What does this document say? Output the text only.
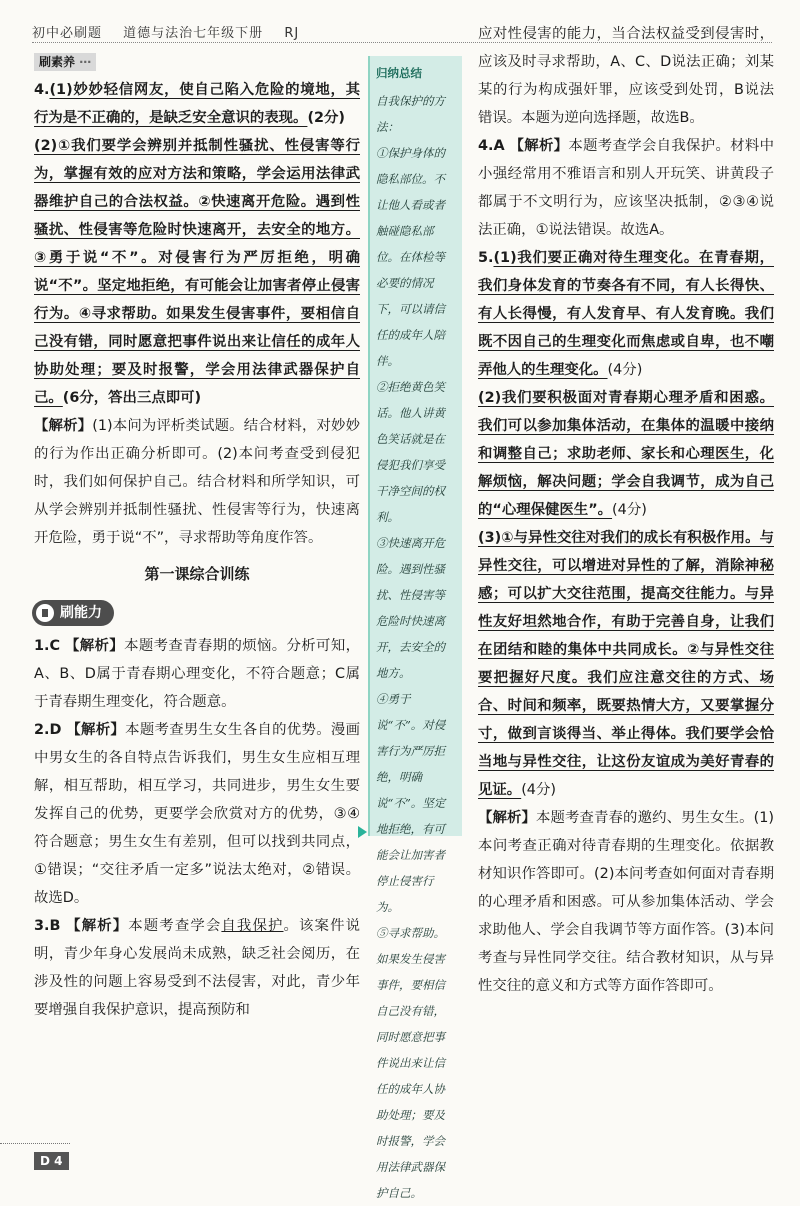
初中必刷题 道德与法治七年级下册 RJ
刷素养 ⋯

4.(1)妙妙轻信网友，使自己陷入危险的境地，其行为是不正确的，是缺乏安全意识的表现。(2分)

(2)①我们要学会辨别并抵制性骚扰、性侵害等行为，掌握有效的应对方法和策略，学会运用法律武器维护自己的合法权益。②快速离开危险。遇到性骚扰、性侵害等危险时快速离开，去安全的地方。③勇于说“不”。对侵害行为严厉拒绝，明确说“不”。坚定地拒绝，有可能会让加害者停止侵害行为。④寻求帮助。如果发生侵害事件，要相信自己没有错，同时愿意把事件说出来让信任的成年人协助处理；要及时报警，学会用法律武器保护自己。(6分，答出三点即可)

【解析】(1)本问为评析类试题。结合材料，对妙妙的行为作出正确分析即可。(2)本问考查受到侵犯时，我们如何保护自己。结合材料和所学知识，可从学会辨别并抵制性骚扰、性侵害等行为，快速离开危险，勇于说“不”，寻求帮助等角度作答。

第一课综合训练
刷能力

1.C 【解析】本题考查青春期的烦恼。分析可知，A、B、D属于青春期心理变化，不符合题意；C属于青春期生理变化，符合题意。

2.D 【解析】本题考查男生女生各自的优势。漫画中男女生的各自特点告诉我们，男生女生应相互理解，相互帮助，相互学习，共同进步，男生女生要发挥自己的优势，更要学会欣赏对方的优势，③④符合题意；男生女生有差别，但可以找到共同点，①错误；“交往矛盾一定多”说法太绝对，②错误。故选D。

3.B 【解析】本题考查学会自我保护。该案件说明，青少年身心发展尚未成熟，缺乏社会阅历，在涉及性的问题上容易受到不法侵害，对此，青少年要增强自我保护意识，提高预防和

归纳总结

自我保护的方法：

①保护身体的隐私部位。不让他人看或者触碰隐私部位。在体检等必要的情况下，可以请信任的成年人陪伴。

②拒绝黄色笑话。他人讲黄色笑话就是在侵犯我们享受干净空间的权利。

③快速离开危险。遇到性骚扰、性侵害等危险时快速离开，去安全的地方。

④勇于说“不”。对侵害行为严厉拒绝，明确说“不”。坚定地拒绝，有可能会让加害者停止侵害行为。

⑤寻求帮助。如果发生侵害事件，要相信自己没有错，同时愿意把事件说出来让信任的成年人协助处理；要及时报警，学会用法律武器保护自己。

应对性侵害的能力，当合法权益受到侵害时，应该及时寻求帮助，A、C、D说法正确；刘某某的行为构成强奸罪，应该受到处罚，B说法错误。本题为逆向选择题，故选B。

4.A 【解析】本题考查学会自我保护。材料中小强经常用不雅语言和别人开玩笑、讲黄段子都属于不文明行为，应该坚决抵制，②③④说法正确，①说法错误。故选A。

5.(1)我们要正确对待生理变化。在青春期，我们身体发育的节奏各有不同，有人长得快、有人长得慢，有人发育早、有人发育晚。我们既不因自己的生理变化而焦虑或自卑，也不嘲弄他人的生理变化。(4分)

(2)我们要积极面对青春期心理矛盾和困惑。我们可以参加集体活动，在集体的温暖中接纳和调整自己；求助老师、家长和心理医生，化解烦恼，解决问题；学会自我调节，成为自己的“心理保健医生”。(4分)

(3)①与异性交往对我们的成长有积极作用。与异性交往，可以增进对异性的了解，消除神秘感；可以扩大交往范围，提高交往能力。与异性友好坦然地合作，有助于完善自身，让我们在团结和睦的集体中共同成长。②与异性交往要把握好尺度。我们应注意交往的方式、场合、时间和频率，既要热情大方，又要掌握分寸，做到言谈得当、举止得体。我们要学会恰当地与异性交往，让这份友谊成为美好青春的见证。(4分)

【解析】本题考查青春的邀约、男生女生。(1)本问考查正确对待青春期的生理变化。依据教材知识作答即可。(2)本问考查如何面对青春期的心理矛盾和困惑。可从参加集体活动、学会求助他人、学会自我调节等方面作答。(3)本问考查与异性同学交往。结合教材知识，从与异性交往的意义和方式等方面作答即可。

D 4
